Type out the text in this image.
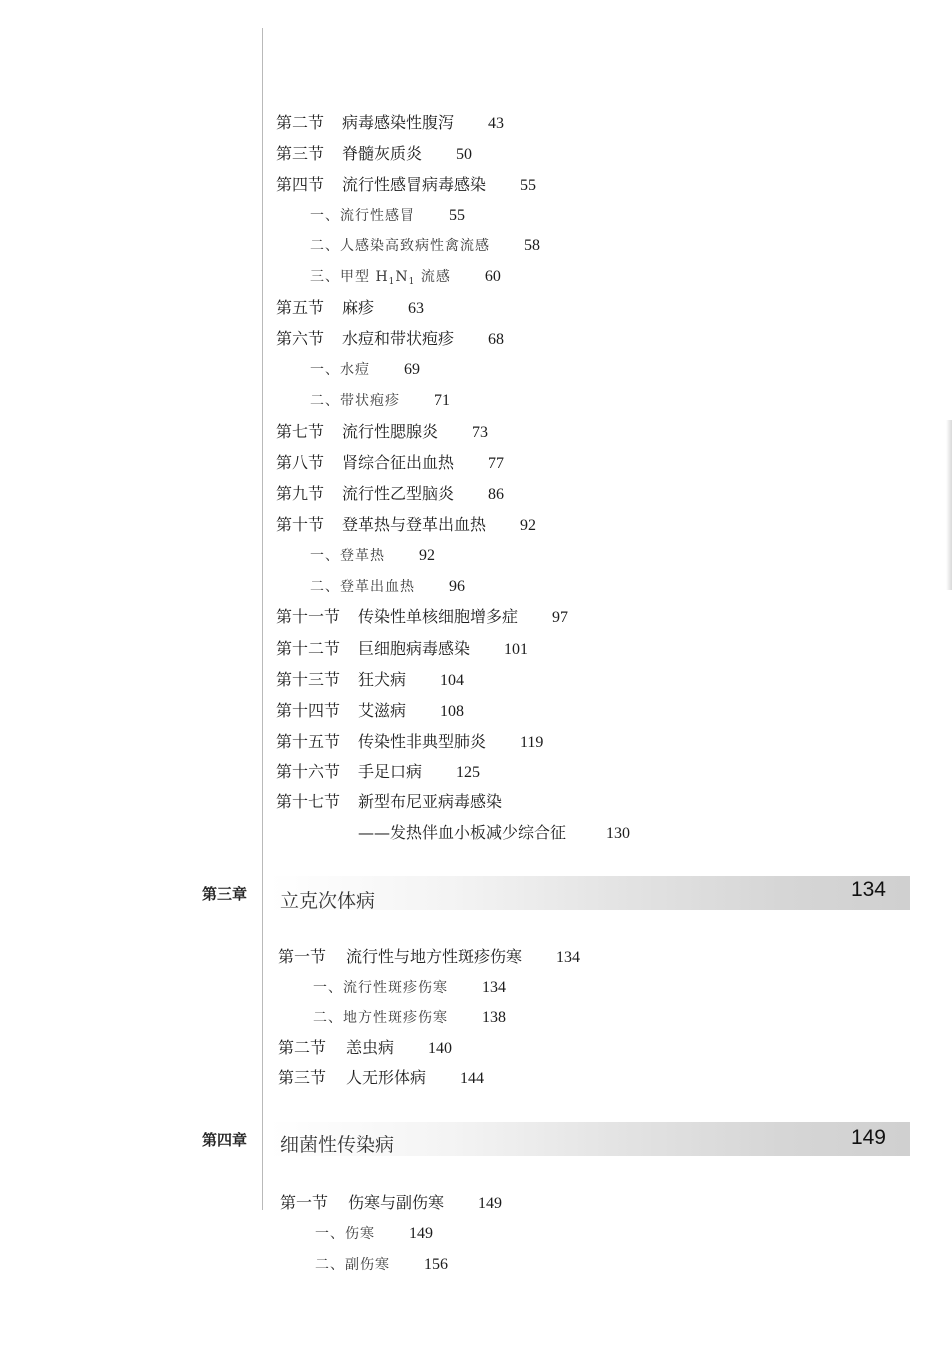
第二节	病毒感染性腹泻 43
第三节	脊髓灰质炎 50
第四节	流行性感冒病毒感染 55
一、 流行性感冒 55
二、 人感染高致病性禽流感 58
三、 甲型 $H_1N_1$ 流感 60
第五节	麻疹 63
第六节	水痘和带状疱疹 68
一、 水痘 69
二、 带状疱疹 71
第七节	流行性腮腺炎 73
第八节	肾综合征出血热 77
第九节	流行性乙型脑炎 86
第十节	登革热与登革出血热 92
一、 登革热 92
二、 登革出血热 96
第十一节	传染性单核细胞增多症 97
第十二节	巨细胞病毒感染 101
第十三节	狂犬病 104
第十四节	艾滋病 108
第十五节	传染性非典型肺炎 119
第十六节	手足口病 125
第十七节	新型布尼亚病毒感染
——发热伴血小板减少综合征	130
第三章 立克次体病	134
第一节	流行性与地方性斑疹伤寒 134
一、 流行性斑疹伤寒 134
二、 地方性斑疹伤寒 138
第二节	恙虫病 140
第三节	人无形体病 144
第四章 细菌性传染病	149
第一节	伤寒与副伤寒 149
一、 伤寒 149
二、 副伤寒 156
